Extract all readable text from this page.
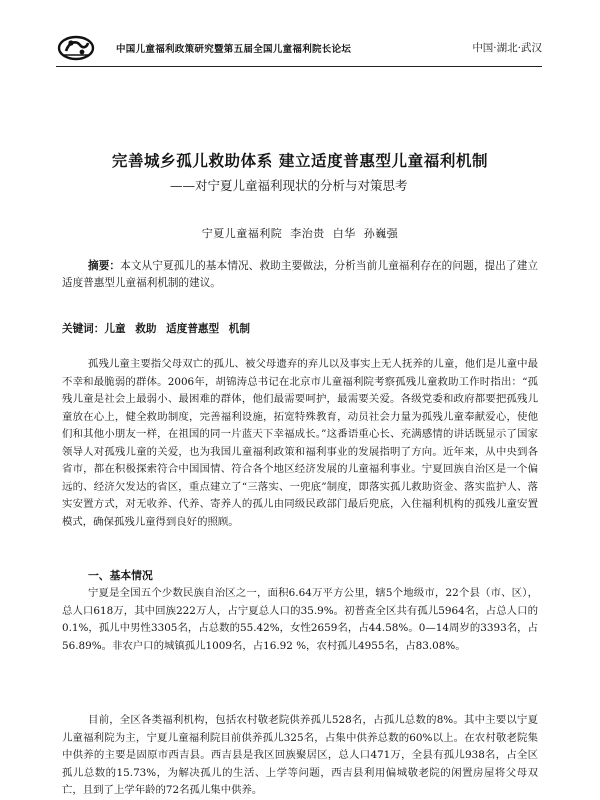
中国儿童福利政策研究暨第五届全国儿童福利院长论坛	中国·湖北·武汉
完善城乡孤儿救助体系 建立适度普惠型儿童福利机制
——对宁夏儿童福利现状的分析与对策思考
宁夏儿童福利院 李治贵 白华 孙巍强
摘要：本文从宁夏孤儿的基本情况、救助主要做法，分析当前儿童福利存在的问题，提出了建立适度普惠型儿童福利机制的建议。
关键词：儿童 救助 适度普惠型 机制

孤残儿童主要指父母双亡的孤儿、被父母遗弃的弃儿以及事实上无人抚养的儿童，他们是儿童中最不幸和最脆弱的群体。2006年，胡锦涛总书记在北京市儿童福利院考察孤残儿童救助工作时指出：“孤残儿童是社会上最弱小、最困难的群体，他们最需要呵护，最需要关爱。各级党委和政府都要把孤残儿童放在心上，健全救助制度，完善福利设施，拓宽特殊教育，动员社会力量为孤残儿童奉献爱心，使他们和其他小朋友一样，在祖国的同一片蓝天下幸福成长。”这番语重心长、充满感情的讲话既显示了国家领导人对孤残儿童的关爱，也为我国儿童福利政策和福利事业的发展指明了方向。近年来，从中央到各省市，都在积极探索符合中国国情、符合各个地区经济发展的儿童福利事业。宁夏回族自治区是一个偏远的、经济欠发达的省区，重点建立了“三落实、一兜底”制度，即落实孤儿救助资金、落实监护人、落实安置方式，对无收养、代养、寄养人的孤儿由同级民政部门最后兜底，入住福利机构的孤残儿童安置模式，确保孤残儿童得到良好的照顾。

一、基本情况

宁夏是全国五个少数民族自治区之一，面积6.64万平方公里，辖5个地级市，22个县（市、区），总人口618万，其中回族222万人，占宁夏总人口的35.9%。初普查全区共有孤儿5964名，占总人口的0.1%，孤儿中男性3305名，占总数的55.42%，女性2659名，占44.58%。0—14周岁的3393名，占56.89%。非农户口的城镇孤儿1009名，占16.92 %，农村孤儿4955名，占83.08%。

目前，全区各类福利机构，包括农村敬老院供养孤儿528名，占孤儿总数的8%。其中主要以宁夏儿童福利院为主，宁夏儿童福利院目前供养孤儿325名，占集中供养总数的60%以上。在农村敬老院集中供养的主要是固原市西吉县。西吉县是我区回族聚居区，总人口471万，全县有孤儿938名，占全区孤儿总数的15.73%，为解决孤儿的生活、上学等问题，西吉县利用偏城敬老院的闲置房屋将父母双亡，且到了上学年龄的72名孤儿集中供养。
